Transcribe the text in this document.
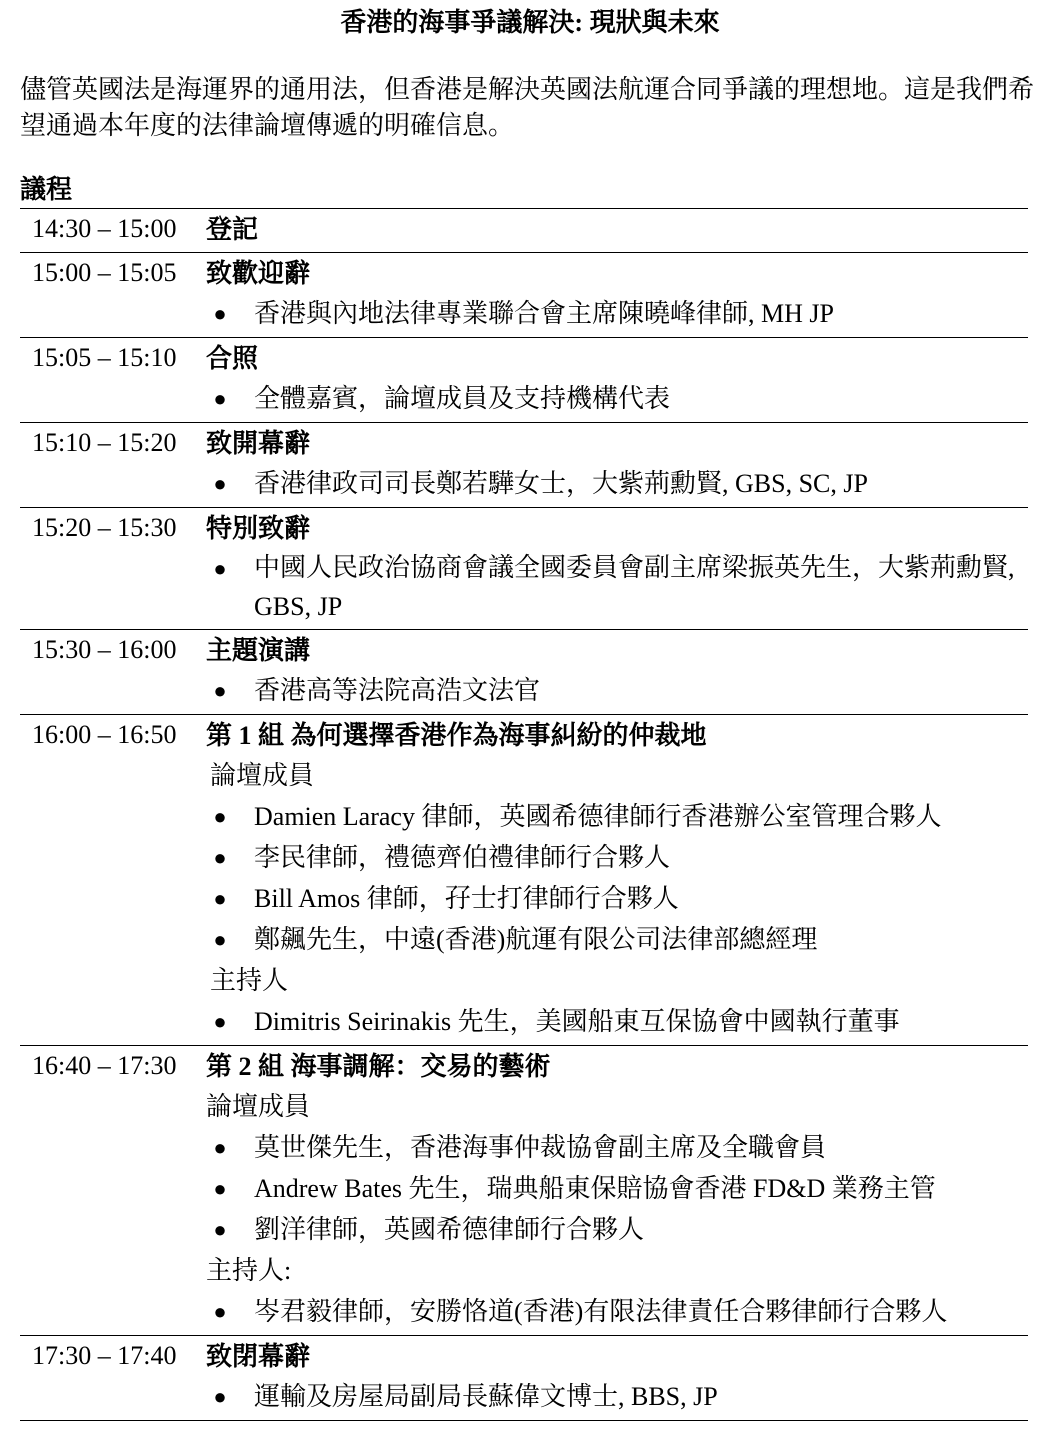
香港的海事爭議解決: 現狀與未來
儘管英國法是海運界的通用法，但香港是解決英國法航運合同爭議的理想地。這是我們希望通過本年度的法律論壇傳遞的明確信息。
議程
14:30 – 15:00 登記
15:00 – 15:05 致歡迎辭
● 香港與內地法律專業聯合會主席陳曉峰律師, MH JP
15:05 – 15:10 合照
● 全體嘉賓，論壇成員及支持機構代表
15:10 – 15:20 致開幕辭
● 香港律政司司長鄭若驊女士，大紫荊勳賢, GBS, SC, JP
15:20 – 15:30 特別致辭
● 中國人民政治協商會議全國委員會副主席梁振英先生，大紫荊勳賢, GBS, JP
15:30 – 16:00 主題演講
● 香港高等法院高浩文法官
16:00 – 16:50 第 1 組 為何選擇香港作為海事糾紛的仲裁地
論壇成員
● Damien Laracy 律師，英國希德律師行香港辦公室管理合夥人
● 李民律師，禮德齊伯禮律師行合夥人
● Bill Amos 律師，孖士打律師行合夥人
● 鄭飆先生，中遠(香港)航運有限公司法律部總經理
主持人
● Dimitris Seirinakis 先生，美國船東互保協會中國執行董事
16:40 – 17:30 第 2 組 海事調解：交易的藝術
論壇成員
● 莫世傑先生，香港海事仲裁協會副主席及全職會員
● Andrew Bates 先生，瑞典船東保賠協會香港 FD&D 業務主管
● 劉洋律師，英國希德律師行合夥人
主持人:
● 岑君毅律師，安勝恪道(香港)有限法律責任合夥律師行合夥人
17:30 – 17:40 致閉幕辭
● 運輸及房屋局副局長蘇偉文博士, BBS, JP
